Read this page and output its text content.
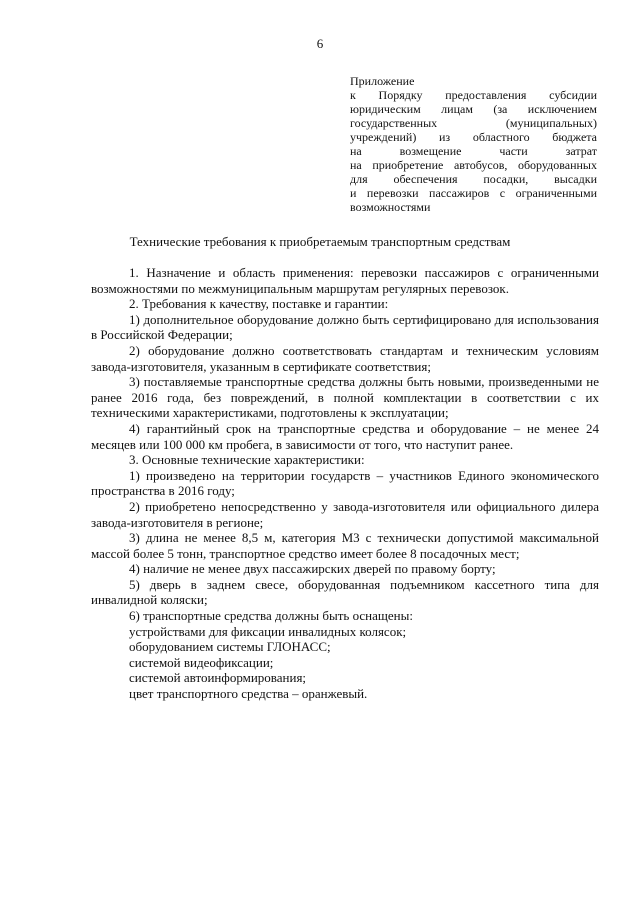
6
Приложение
к Порядку предоставления субсидии
юридическим лицам (за исключением
государственных (муниципальных)
учреждений) из областного бюджета
на возмещение части затрат
на приобретение автобусов, оборудованных
для обеспечения посадки, высадки
и перевозки пассажиров с ограниченными
возможностями
Технические требования к приобретаемым транспортным средствам

1. Назначение и область применения: перевозки пассажиров с ограниченными возможностями по межмуниципальным маршрутам регулярных перевозок.

2. Требования к качеству, поставке и гарантии:

1) дополнительное оборудование должно быть сертифицировано для использования в Российской Федерации;

2) оборудование должно соответствовать стандартам и техническим условиям завода-изготовителя, указанным в сертификате соответствия;

3) поставляемые транспортные средства должны быть новыми, произведенными не ранее 2016 года, без повреждений, в полной комплектации в соответствии с их техническими характеристиками, подготовлены к эксплуатации;

4) гарантийный срок на транспортные средства и оборудование – не менее 24 месяцев или 100 000 км пробега, в зависимости от того, что наступит ранее.

3. Основные технические характеристики:

1) произведено на территории государств – участников Единого экономического пространства в 2016 году;

2) приобретено непосредственно у завода-изготовителя или официального дилера завода-изготовителя в регионе;

3) длина не менее 8,5 м, категория М3 с технически допустимой максимальной массой более 5 тонн, транспортное средство имеет более 8 посадочных мест;

4) наличие не менее двух пассажирских дверей по правому борту;

5) дверь в заднем свесе, оборудованная подъемником кассетного типа для инвалидной коляски;

6) транспортные средства должны быть оснащены:

устройствами для фиксации инвалидных колясок;

оборудованием системы ГЛОНАСС;

системой видеофиксации;

системой автоинформирования;

цвет транспортного средства – оранжевый.
